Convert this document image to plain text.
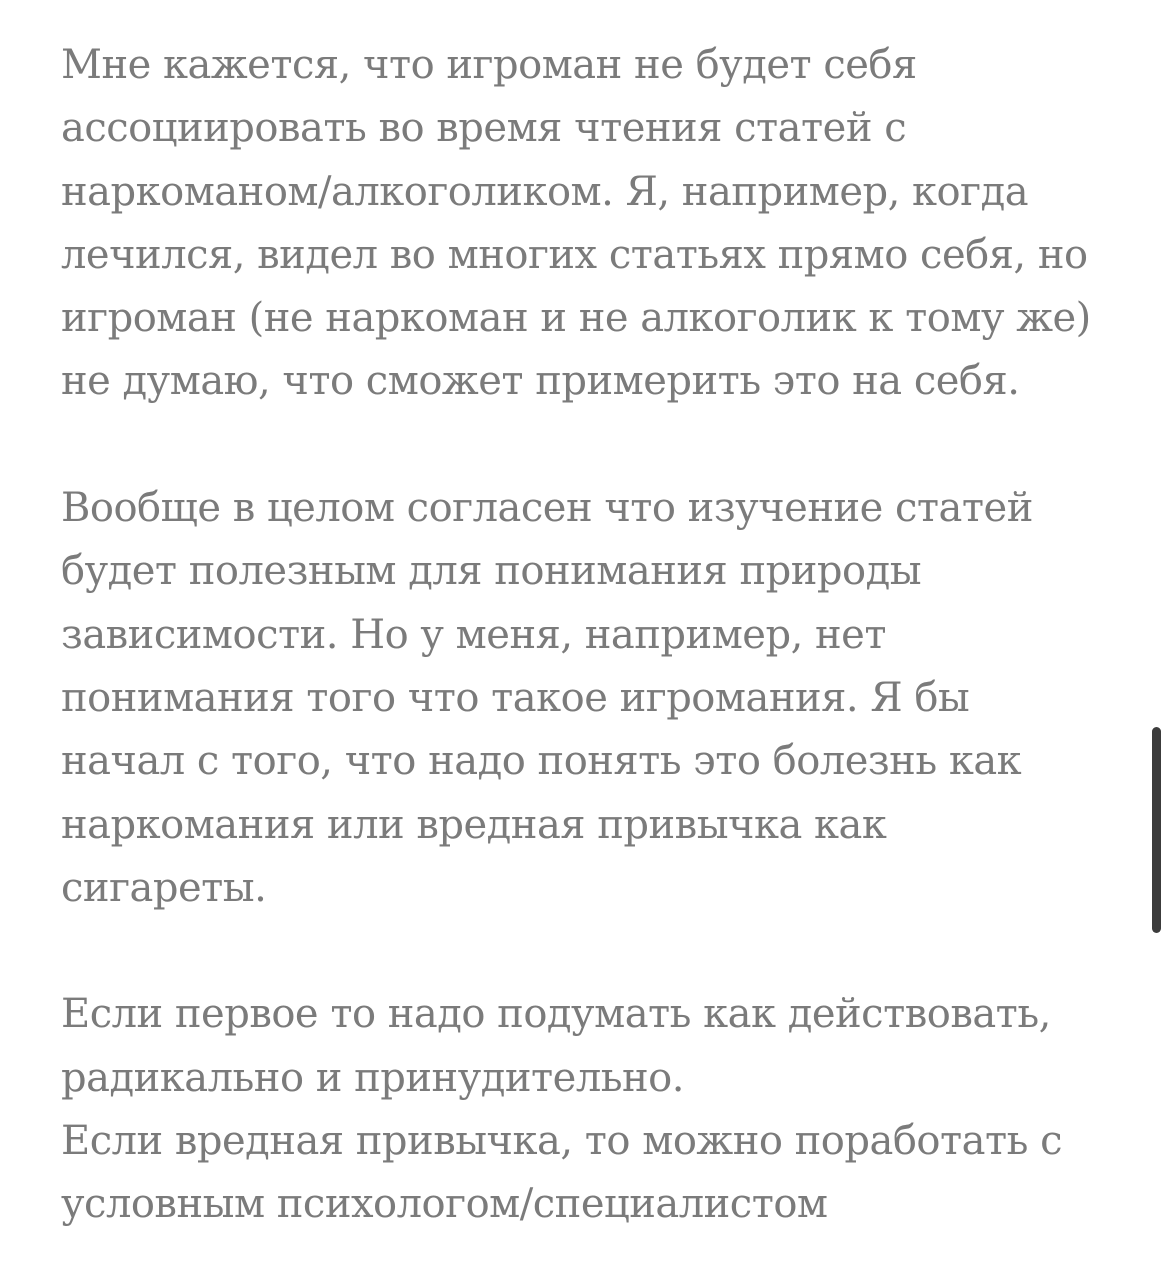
Мне кажется, что игроман не будет себя
ассоциировать во время чтения статей с
наркоманом/алкоголиком. Я, например, когда
лечился, видел во многих статьях прямо себя, но
игроман (не наркоман и не алкоголик к тому же)
не думаю, что сможет примерить это на себя.
Вообще в целом согласен что изучение статей
будет полезным для понимания природы
зависимости. Но у меня, например, нет
понимания того что такое игромания. Я бы
начал с того, что надо понять это болезнь как
наркомания или вредная привычка как
сигареты.
Если первое то надо подумать как действовать,
радикально и принудительно.
Если вредная привычка, то можно поработать с
условным психологом/специалистом
